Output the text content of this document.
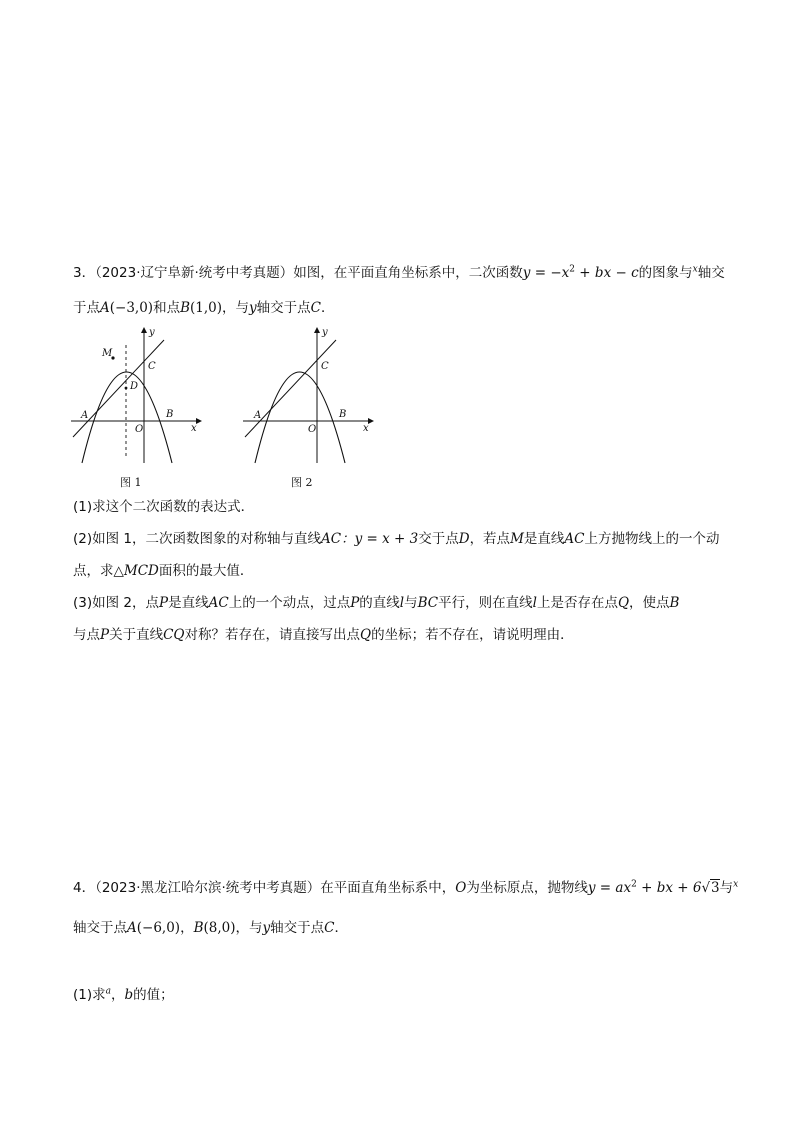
3．（2023·辽宁阜新·统考中考真题）如图，在平面直角坐标系中，二次函数$y = -x^2$ + bx − c的图象与$^x$轴交
于点A(−3,0)和点B(1,0)，与y轴交于点C．
M
C
D
A	B
O	x
y
图 1
C
A	B
O	x
y
图 2
(1)求这个二次函数的表达式．
(2)如图 1，二次函数图象的对称轴与直线AC：y = x + 3交于点D，若点M是直线AC上方抛物线上的一个动
点，求△MCD面积的最大值．
(3)如图 2，点P是直线AC上的一个动点，过点P的直线l与BC平行，则在直线l上是否存在点Q，使点B
与点P关于直线CQ对称？若存在，请直接写出点Q的坐标；若不存在，请说明理由．
4．（2023·黑龙江哈尔滨·统考中考真题）在平面直角坐标系中，O为坐标原点，抛物线$y = ax^2$ + bx + 6√3与$^x$
轴交于点A(−6,0)，B(8,0)，与y轴交于点C．
(1)求$^a$，b的值；
